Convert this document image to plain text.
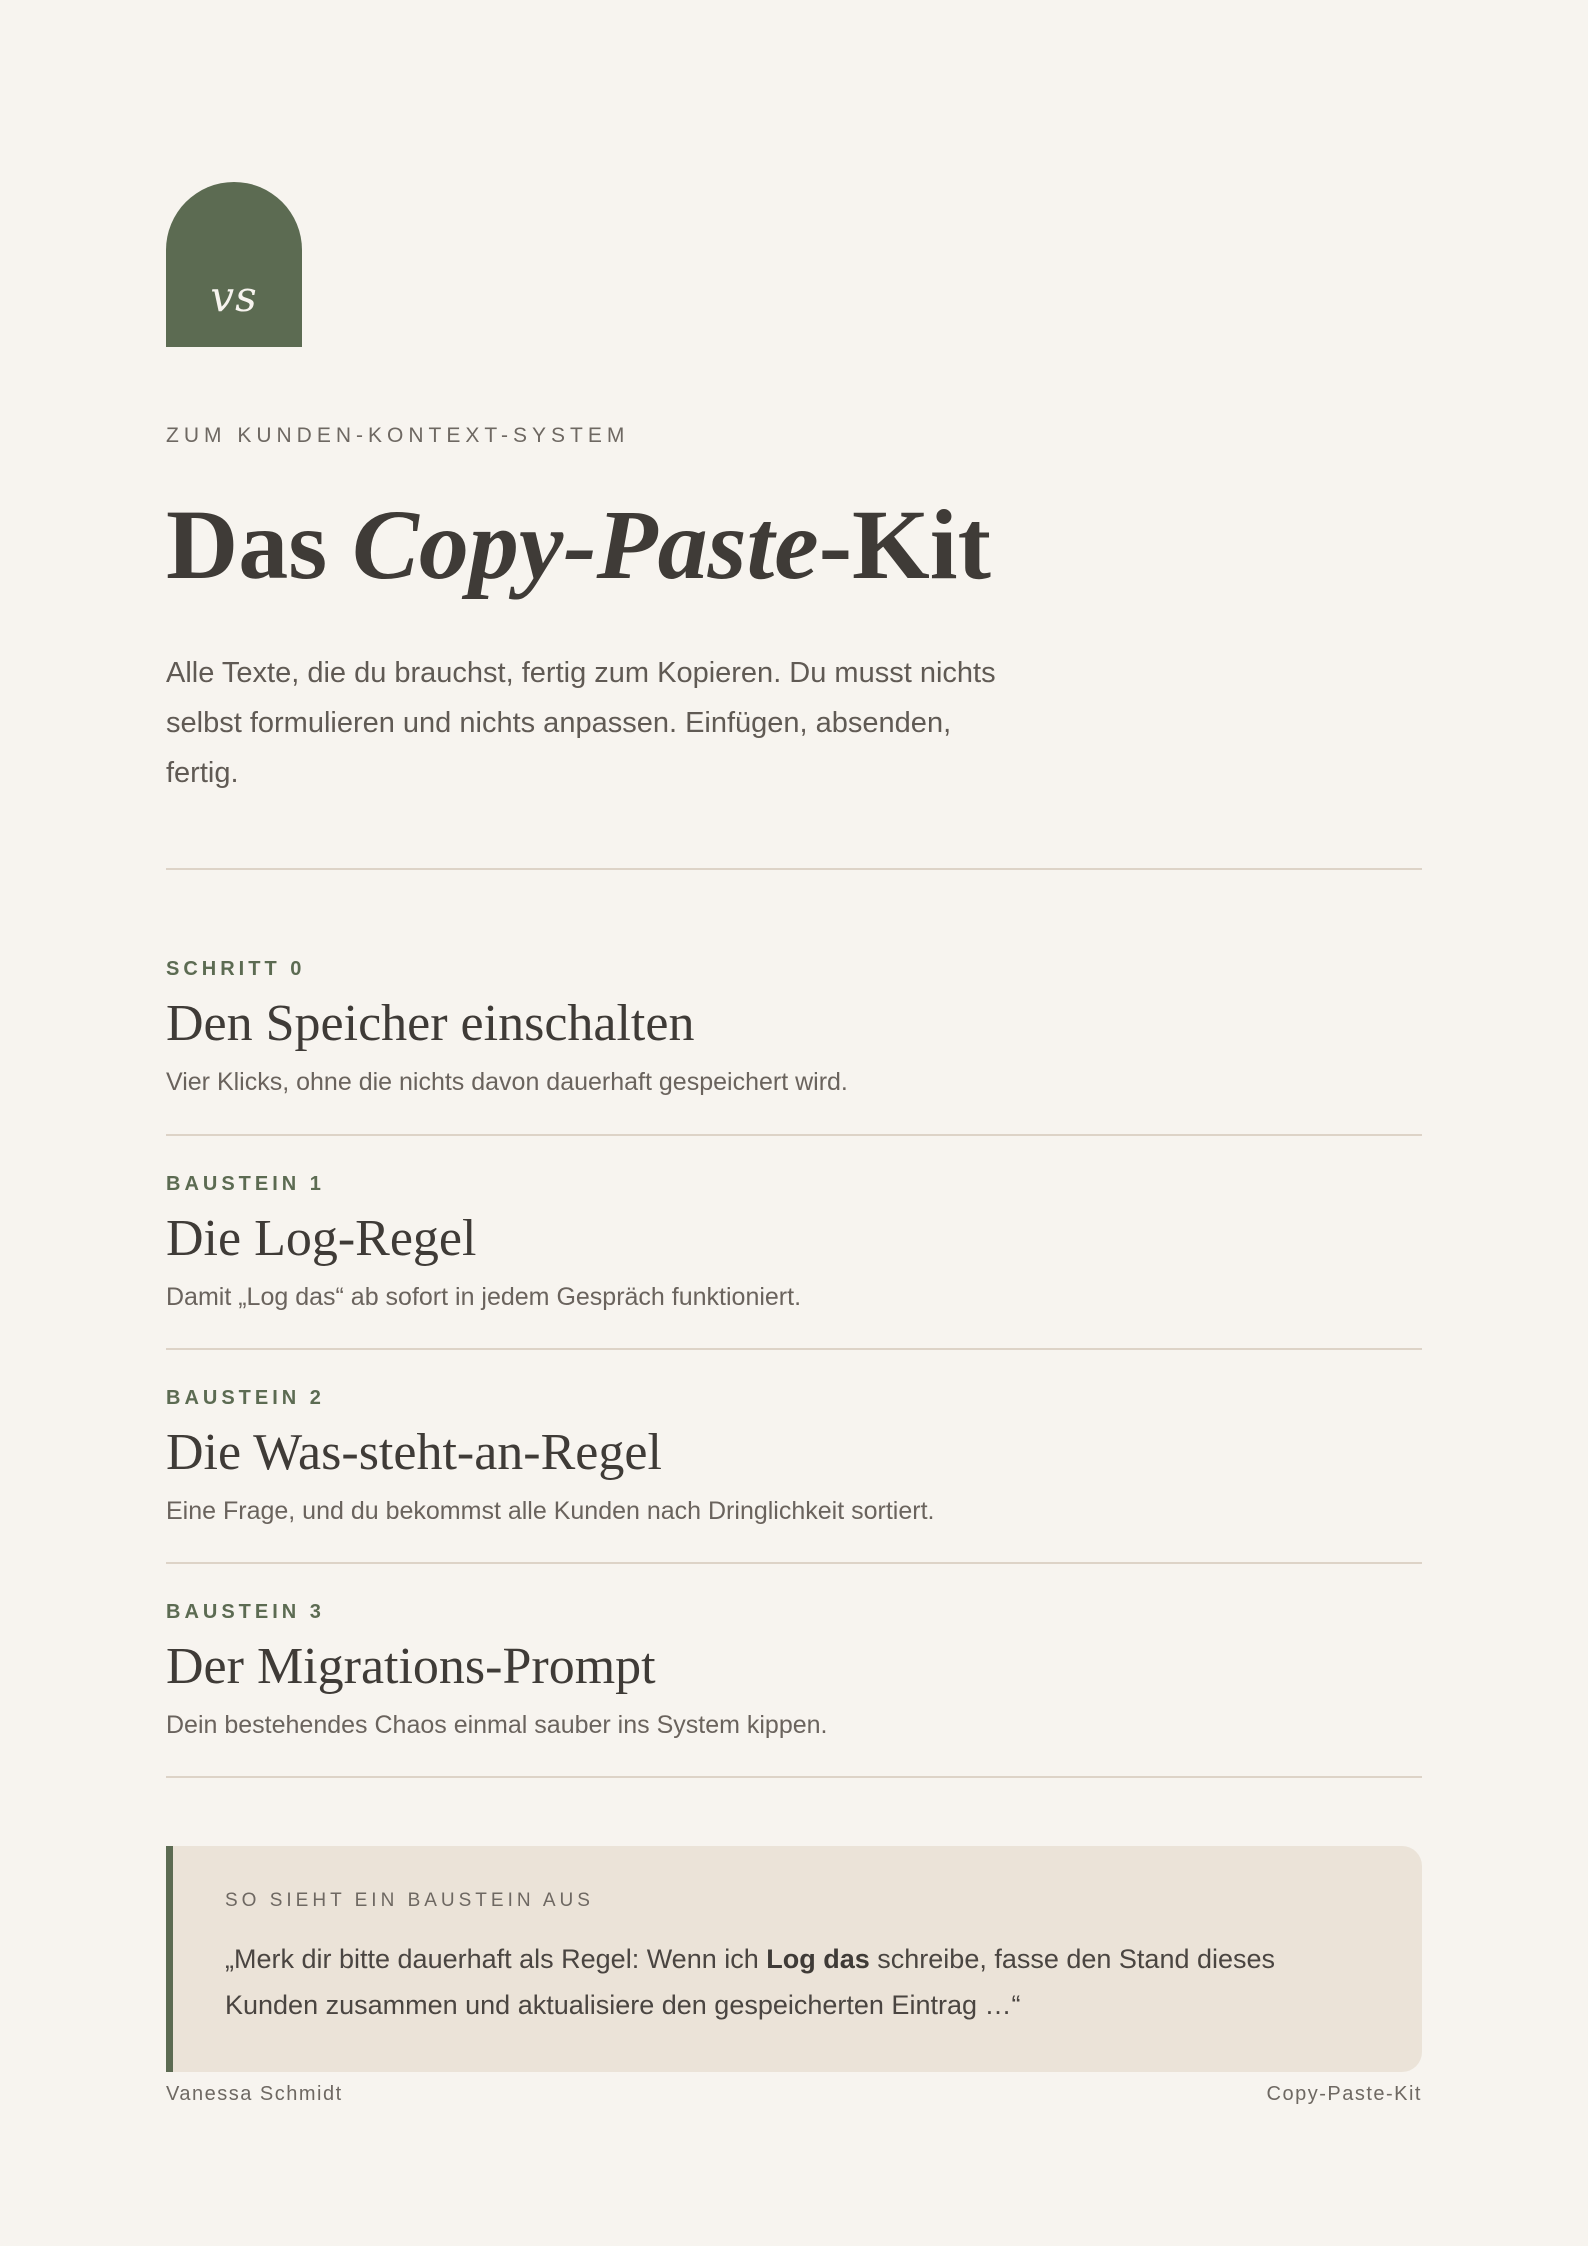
vs
ZUM KUNDEN-KONTEXT-SYSTEM
Das Copy-Paste-Kit

Alle Texte, die du brauchst, fertig zum Kopieren. Du musst nichts selbst formulieren und nichts anpassen. Einfügen, absenden, fertig.

SCHRITT 0
Den Speicher einschalten
Vier Klicks, ohne die nichts davon dauerhaft gespeichert wird.
BAUSTEIN 1
Die Log-Regel
Damit „Log das“ ab sofort in jedem Gespräch funktioniert.
BAUSTEIN 2
Die Was-steht-an-Regel
Eine Frage, und du bekommst alle Kunden nach Dringlichkeit sortiert.
BAUSTEIN 3
Der Migrations-Prompt
Dein bestehendes Chaos einmal sauber ins System kippen.
SO SIEHT EIN BAUSTEIN AUS

„Merk dir bitte dauerhaft als Regel: Wenn ich Log das schreibe, fasse den Stand dieses Kunden zusammen und aktualisiere den gespeicherten Eintrag …“

Vanessa Schmidt	Copy-Paste-Kit
